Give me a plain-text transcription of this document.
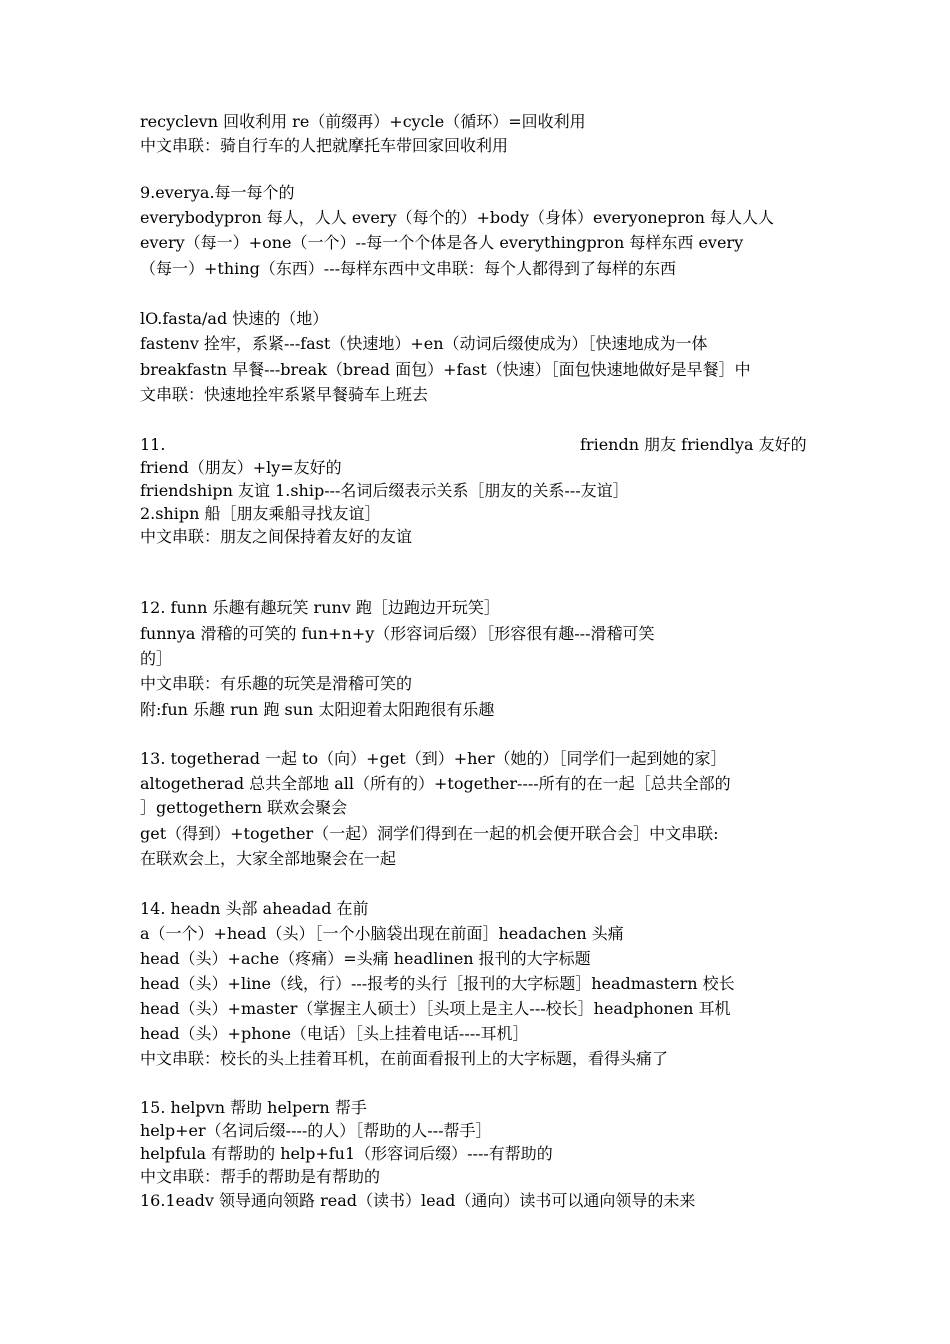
recyclevn 回收利用 re（前缀再）+cycle（循环）=回收利用
中文串联：骑自行车的人把就摩托车带回家回收利用
9.everya.每一每个的
everybodypron 每人，人人 every（每个的）+body（身体）everyonepron 每人人人
every（每一）+one（一个）--每一个个体是各人 everythingpron 每样东西 every
（每一）+thing（东西）---每样东西中文串联：每个人都得到了每样的东西
lO.fasta/ad 快速的（地）
fastenv 拴牢，系紧---fast（快速地）+en（动词后缀使成为）［快速地成为一体
breakfastn 早餐---break（bread 面包）+fast（快速）［面包快速地做好是早餐］中
文串联：快速地拴牢系紧早餐骑车上班去
11.	friendn 朋友 friendlya 友好的
friend（朋友）+ly=友好的
friendshipn 友谊 1.ship---名词后缀表示关系［朋友的关系---友谊］
2.shipn 船［朋友乘船寻找友谊］
中文串联：朋友之间保持着友好的友谊
12. funn 乐趣有趣玩笑 runv 跑［边跑边开玩笑］
funnya 滑稽的可笑的 fun+n+y（形容词后缀）［形容很有趣---滑稽可笑
的］
中文串联：有乐趣的玩笑是滑稽可笑的
附:fun 乐趣 run 跑 sun 太阳迎着太阳跑很有乐趣
13. togetherad 一起 to（向）+get（到）+her（她的）［同学们一起到她的家］
altogetherad 总共全部地 all（所有的）+together----所有的在一起［总共全部的
］gettogethern 联欢会聚会
get（得到）+together（一起）洞学们得到在一起的机会便开联合会］中文串联:
在联欢会上，大家全部地聚会在一起
14. headn 头部 aheadad 在前
a（一个）+head（头）［一个小脑袋出现在前面］headachen 头痛
head（头）+ache（疼痛）=头痛 headlinen 报刊的大字标题
head（头）+line（线，行）---报考的头行［报刊的大字标题］headmastern 校长
head（头）+master（掌握主人硕士）［头项上是主人---校长］headphonen 耳机
head（头）+phone（电话）［头上挂着电话----耳机］
中文串联：校长的头上挂着耳机，在前面看报刊上的大字标题，看得头痛了
15. helpvn 帮助 helpern 帮手
help+er（名词后缀----的人）［帮助的人---帮手］
helpfula 有帮助的 help+fu1（形容词后缀）----有帮助的
中文串联：帮手的帮助是有帮助的
16.1eadv 领导通向领路 read（读书）lead（通向）读书可以通向领导的未来
